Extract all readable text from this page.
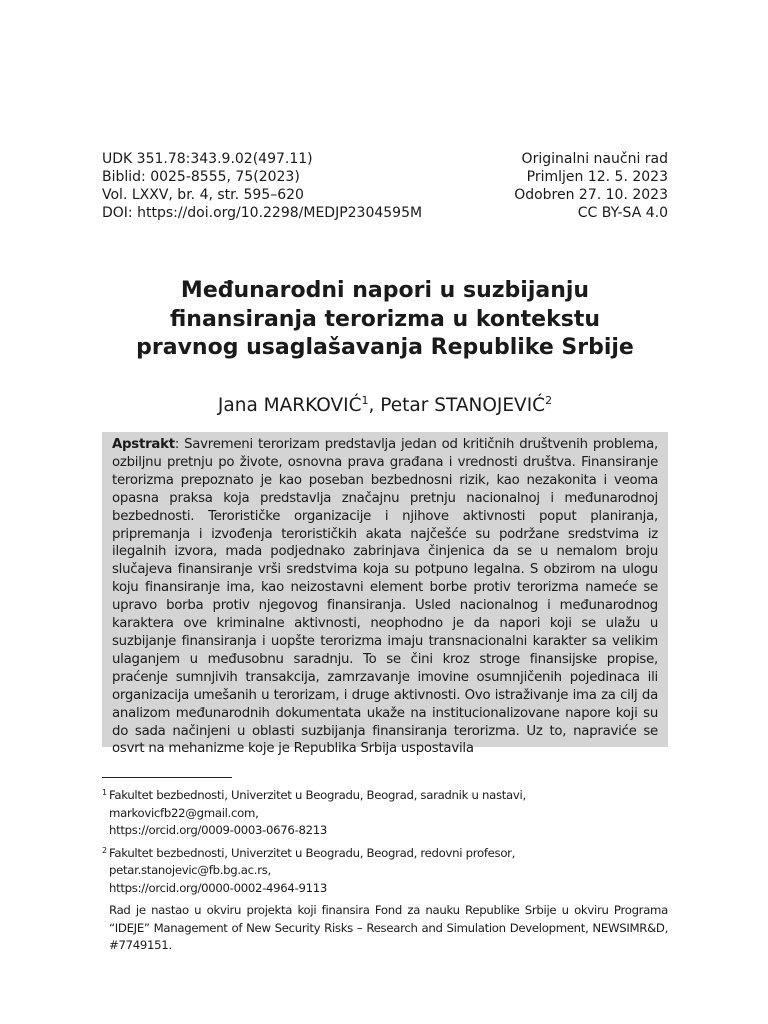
UDK 351.78:343.9.02(497.11)
Biblid: 0025-8555, 75(2023)
Vol. LXXV, br. 4, str. 595–620
DOI: https://doi.org/10.2298/MEDJP2304595M
Originalni naučni rad
Primljen 12. 5. 2023
Odobren 27. 10. 2023
CC BY-SA 4.0
Međunarodni napori u suzbijanju
finansiranja terorizma u kontekstu
pravnog usaglašavanja Republike Srbije
Jana MARKOVIĆ$^1$, Petar STANOJEVIĆ$^2$
Apstrakt: Savremeni terorizam predstavlja jedan od kritičnih društvenih problema, ozbiljnu pretnju po živote, osnovna prava građana i vrednosti društva. Finansiranje terorizma prepoznato je kao poseban bezbednosni rizik, kao nezakonita i veoma opasna praksa koja predstavlja značajnu pretnju nacionalnoj i međunarodnoj bezbednosti. Terorističke organizacije i njihove aktivnosti poput planiranja, pripremanja i izvođenja terorističkih akata najčešće su podržane sredstvima iz ilegalnih izvora, mada podjednako zabrinjava činjenica da se u nemalom broju slučajeva finansiranje vrši sredstvima koja su potpuno legalna. S obzirom na ulogu koju finansiranje ima, kao neizostavni element borbe protiv terorizma nameće se upravo borba protiv njegovog finansiranja. Usled nacionalnog i međunarodnog karaktera ove kriminalne aktivnosti, neophodno je da napori koji se ulažu u suzbijanje finansiranja i uopšte terorizma imaju transnacionalni karakter sa velikim ulaganjem u međusobnu saradnju. To se čini kroz stroge finansijske propise, praćenje sumnjivih transakcija, zamrzavanje imovine osumnjičenih pojedinaca ili organizacija umešanih u terorizam, i druge aktivnosti. Ovo istraživanje ima za cilj da analizom međunarodnih dokumentata ukaže na institucionalizovane napore koji su do sada načinjeni u oblasti suzbijanja finansiranja terorizma. Uz to, napraviće se osvrt na mehanizme koje je Republika Srbija uspostavila
1 Fakultet bezbednosti, Univerzitet u Beogradu, Beograd, saradnik u nastavi, markovicfb22@gmail.com,
https://orcid.org/0009-0003-0676-8213
2 Fakultet bezbednosti, Univerzitet u Beogradu, Beograd, redovni profesor, petar.stanojevic@fb.bg.ac.rs,
https://orcid.org/0000-0002-4964-9113
Rad je nastao u okviru projekta koji finansira Fond za nauku Republike Srbije u okviru Programa “IDEJE” Management of New Security Risks – Research and Simulation Development, NEWSIMR&D, #7749151.
